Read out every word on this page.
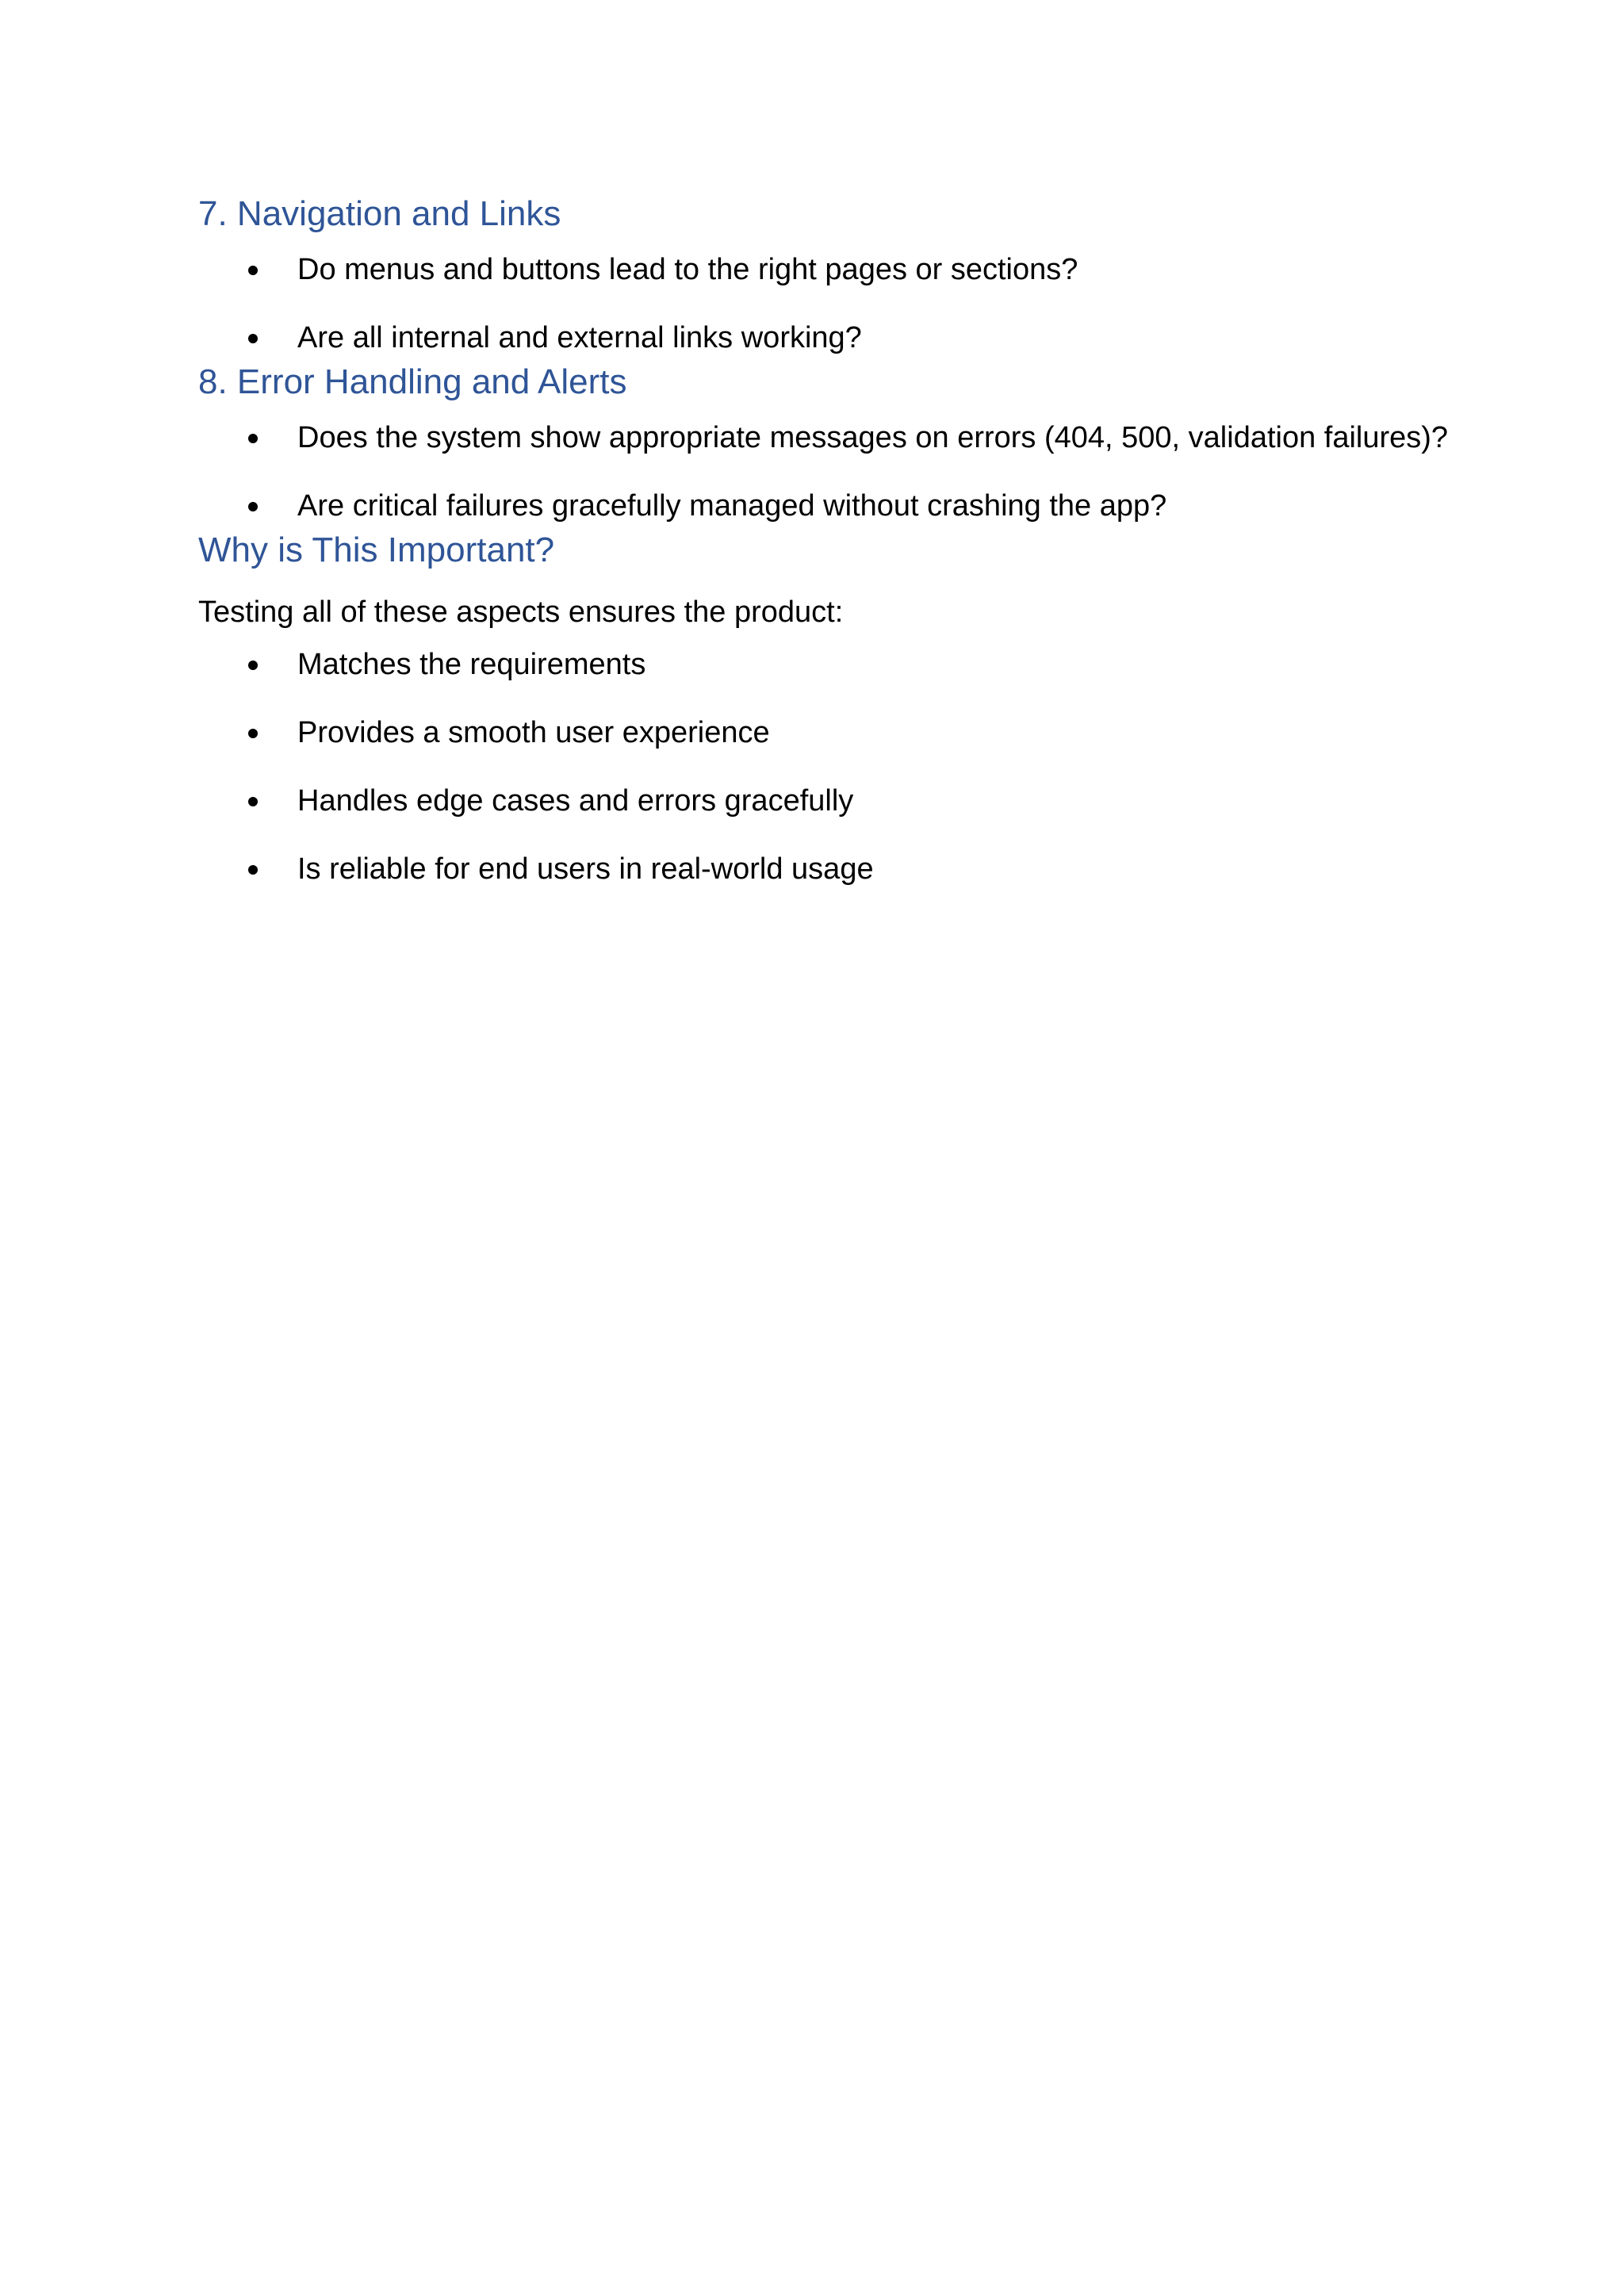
7. Navigation and Links
Do menus and buttons lead to the right pages or sections?
Are all internal and external links working?
8. Error Handling and Alerts
Does the system show appropriate messages on errors (404, 500, validation failures)?
Are critical failures gracefully managed without crashing the app?
Why is This Important?

Testing all of these aspects ensures the product:

Matches the requirements
Provides a smooth user experience
Handles edge cases and errors gracefully
Is reliable for end users in real-world usage
